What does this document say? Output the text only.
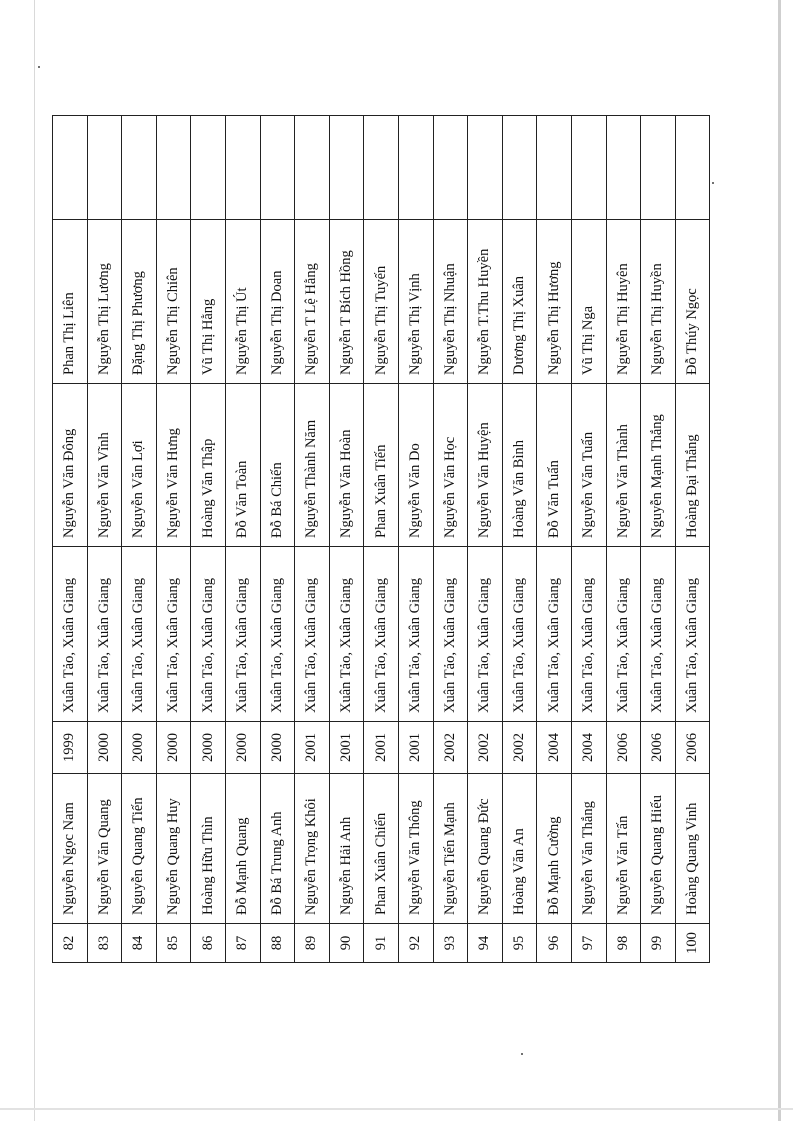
82	Nguyễn Ngọc Nam	1999	Xuân Tảo, Xuân Giang	Nguyễn Văn Đông	Phan Thị Liên	
83	Nguyễn Văn Quang	2000	Xuân Tảo, Xuân Giang	Nguyễn Văn Vĩnh	Nguyễn Thị Lương	
84	Nguyễn Quang Tiến	2000	Xuân Tảo, Xuân Giang	Nguyễn Văn Lợi	Đặng Thị Phương	
85	Nguyễn Quang Huy	2000	Xuân Tảo, Xuân Giang	Nguyễn Văn Hưng	Nguyễn Thị Chiên	
86	Hoàng Hữu Thìn	2000	Xuân Tảo, Xuân Giang	Hoàng Văn Thập	Vũ Thị Hằng	
87	Đỗ Mạnh Quang	2000	Xuân Tảo, Xuân Giang	Đỗ Văn Toàn	Nguyễn Thị Út	
88	Đỗ Bá Trung Anh	2000	Xuân Tảo, Xuân Giang	Đỗ Bá Chiến	Nguyễn Thị Doan	
89	Nguyễn Trọng Khôi	2001	Xuân Tảo, Xuân Giang	Nguyễn Thành Năm	Nguyễn T Lệ Hằng	
90	Nguyễn Hải Anh	2001	Xuân Tảo, Xuân Giang	Nguyễn Văn Hoàn	Nguyễn T Bích Hồng	
91	Phan Xuân Chiến	2001	Xuân Tảo, Xuân Giang	Phan Xuân Tiến	Nguyễn Thị Tuyến	
92	Nguyễn Văn Thông	2001	Xuân Tảo, Xuân Giang	Nguyễn Văn Do	Nguyễn Thị Vịnh	
93	Nguyễn Tiến Mạnh	2002	Xuân Tảo, Xuân Giang	Nguyễn Văn Học	Nguyễn Thị Nhuận	
94	Nguyễn Quang Đức	2002	Xuân Tảo, Xuân Giang	Nguyễn Văn Huyện	Nguyễn T.Thu Huyền	
95	Hoàng Văn An	2002	Xuân Tảo, Xuân Giang	Hoàng Văn Bình	Dương Thị Xuân	
96	Đỗ Mạnh Cường	2004	Xuân Tảo, Xuân Giang	Đỗ Văn Tuấn	Nguyễn Thị Hương	
97	Nguyễn Văn Thắng	2004	Xuân Tảo, Xuân Giang	Nguyễn Văn Tuấn	Vũ Thị Nga	
98	Nguyễn Văn Tấn	2006	Xuân Tảo, Xuân Giang	Nguyễn Văn Thành	Nguyễn Thị Huyên	
99	Nguyễn Quang Hiếu	2006	Xuân Tảo, Xuân Giang	Nguyễn Mạnh Thắng	Nguyễn Thị Huyền	
100	Hoàng Quang Vinh	2006	Xuân Tảo, Xuân Giang	Hoàng Đại Thắng	Đỗ Thúy Ngọc	
